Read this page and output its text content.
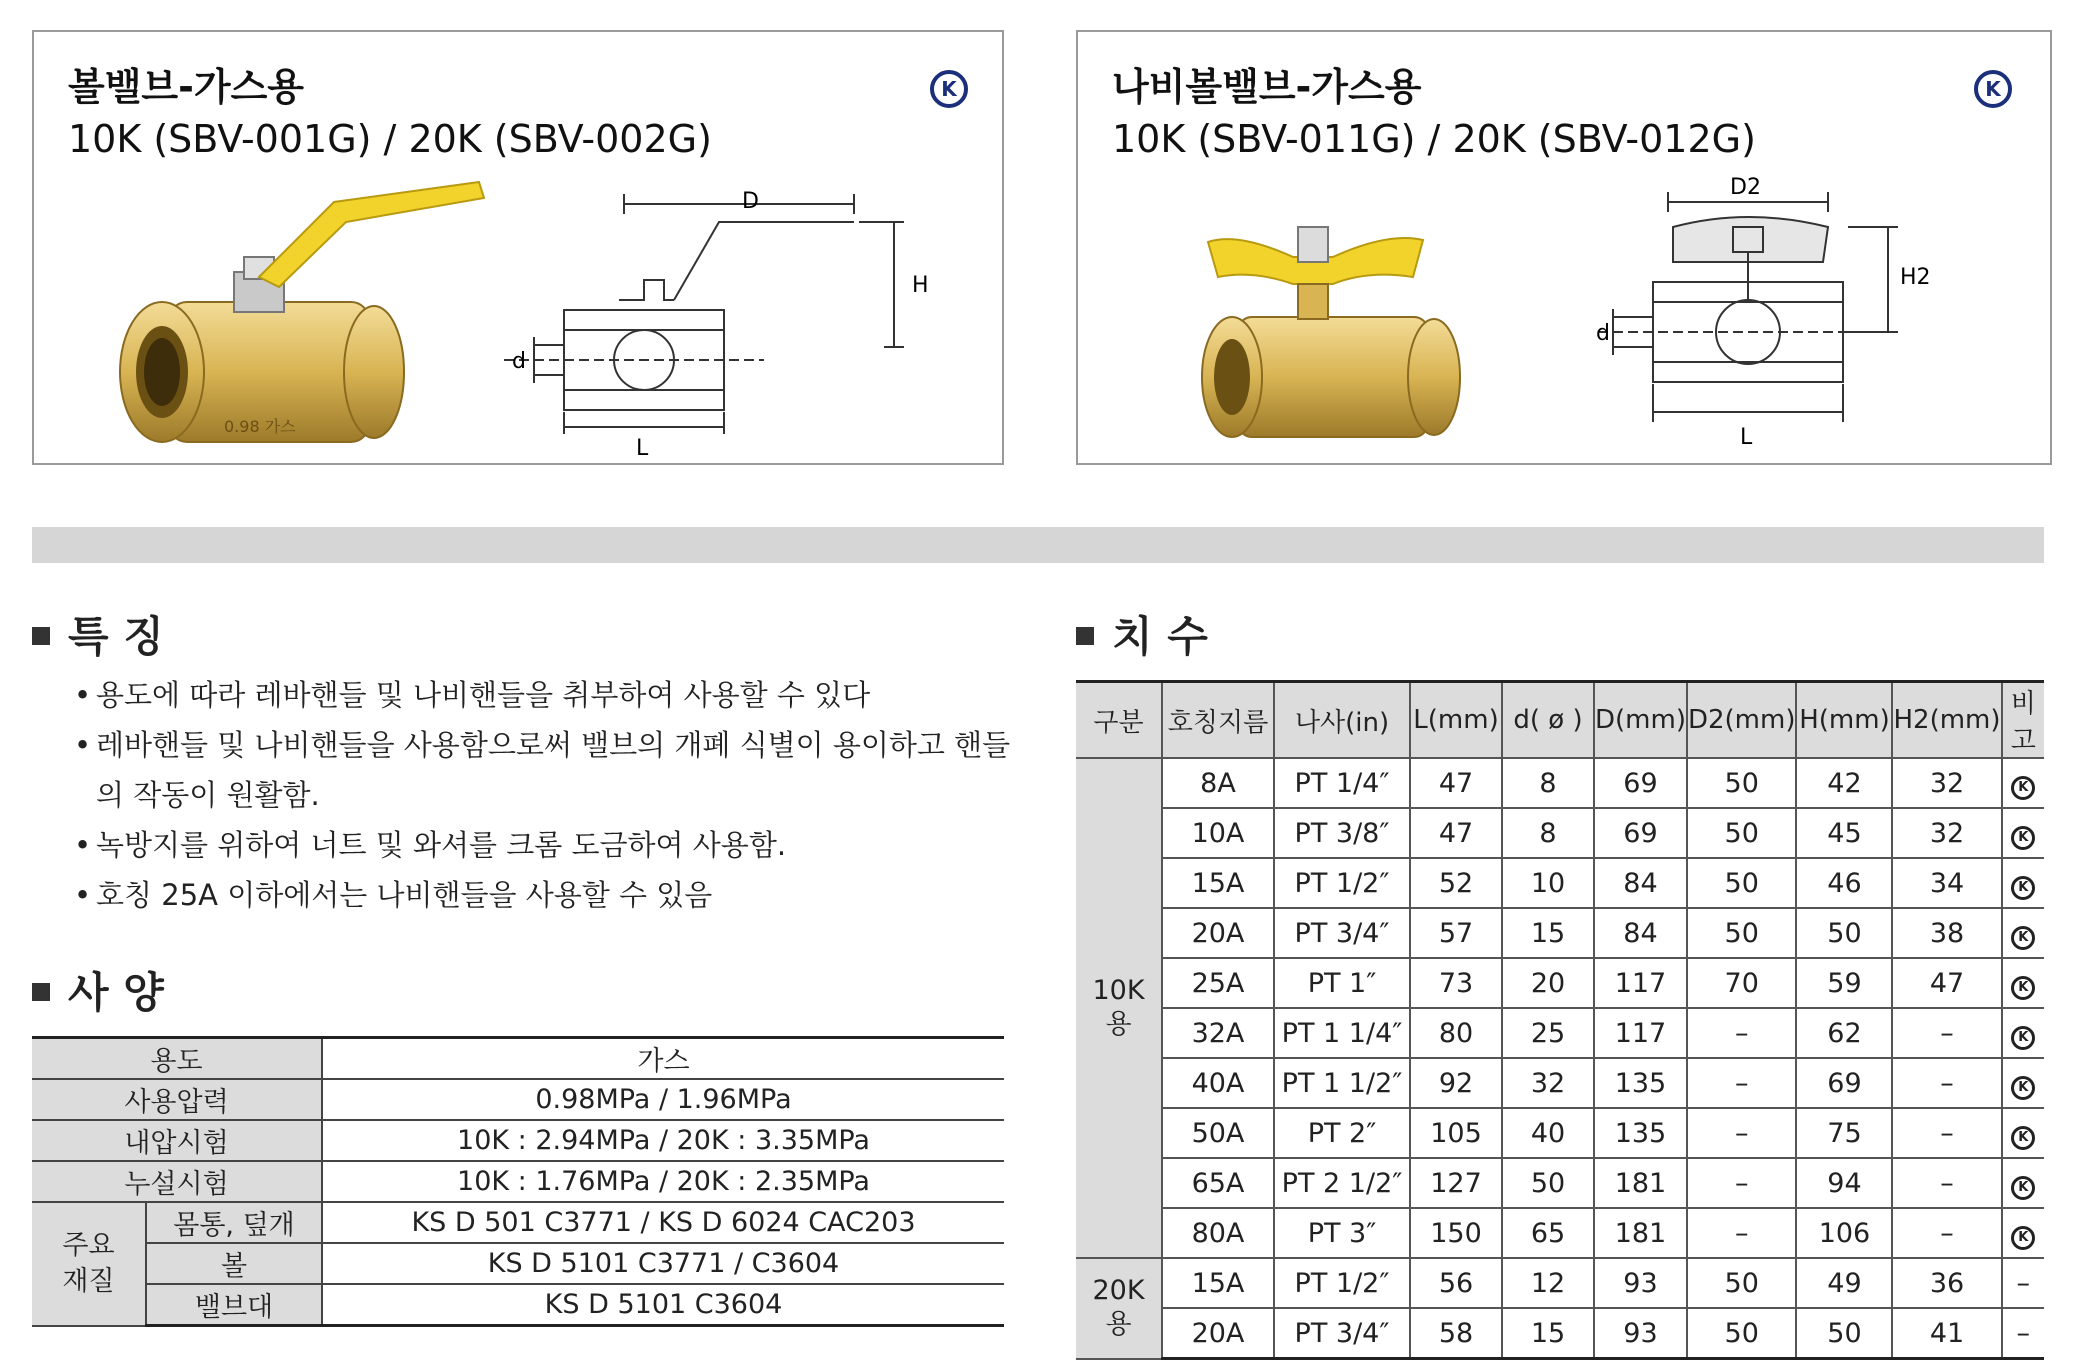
볼밸브-가스용
10K (SBV-001G) / 20K (SBV-002G)
K
0.98 가스
D
H
d
L
나비볼밸브-가스용
10K (SBV-011G) / 20K (SBV-012G)
K
D2
H2
d
L
특 징
• 용도에 따라 레바핸들 및 나비핸들을 취부하여 사용할 수 있다
• 레바핸들 및 나비핸들을 사용함으로써 밸브의 개폐 식별이 용이하고 핸들의 작동이 원활함.
• 녹방지를 위하여 너트 및 와셔를 크롬 도금하여 사용함.
• 호칭 25A 이하에서는 나비핸들을 사용할 수 있음
사 양
용도		가스
사용압력		0.98MPa / 1.96MPa
내압시험		10K : 2.94MPa / 20K : 3.35MPa
누설시험		10K : 1.76MPa / 20K : 2.35MPa
주요
재질	몸통, 덮개	KS D 501 C3771 / KS D 6024 CAC203
	볼	KS D 5101 C3771 / C3604
	밸브대	KS D 5101 C3604
치 수
구분	호칭지름	나사(in)	L(mm)	d( ø )	D(mm)	D2(mm)	H(mm)	H2(mm)	비고
10K
용	8A	PT 1/4″	47	8	69	50	42	32	K
	10A	PT 3/8″	47	8	69	50	45	32	K
	15A	PT 1/2″	52	10	84	50	46	34	K
	20A	PT 3/4″	57	15	84	50	50	38	K
	25A	PT 1″	73	20	117	70	59	47	K
	32A	PT 1 1/4″	80	25	117	–	62	–	K
	40A	PT 1 1/2″	92	32	135	–	69	–	K
	50A	PT 2″	105	40	135	–	75	–	K
	65A	PT 2 1/2″	127	50	181	–	94	–	K
	80A	PT 3″	150	65	181	–	106	–	K
20K
용	15A	PT 1/2″	56	12	93	50	49	36	–
	20A	PT 3/4″	58	15	93	50	50	41	–
